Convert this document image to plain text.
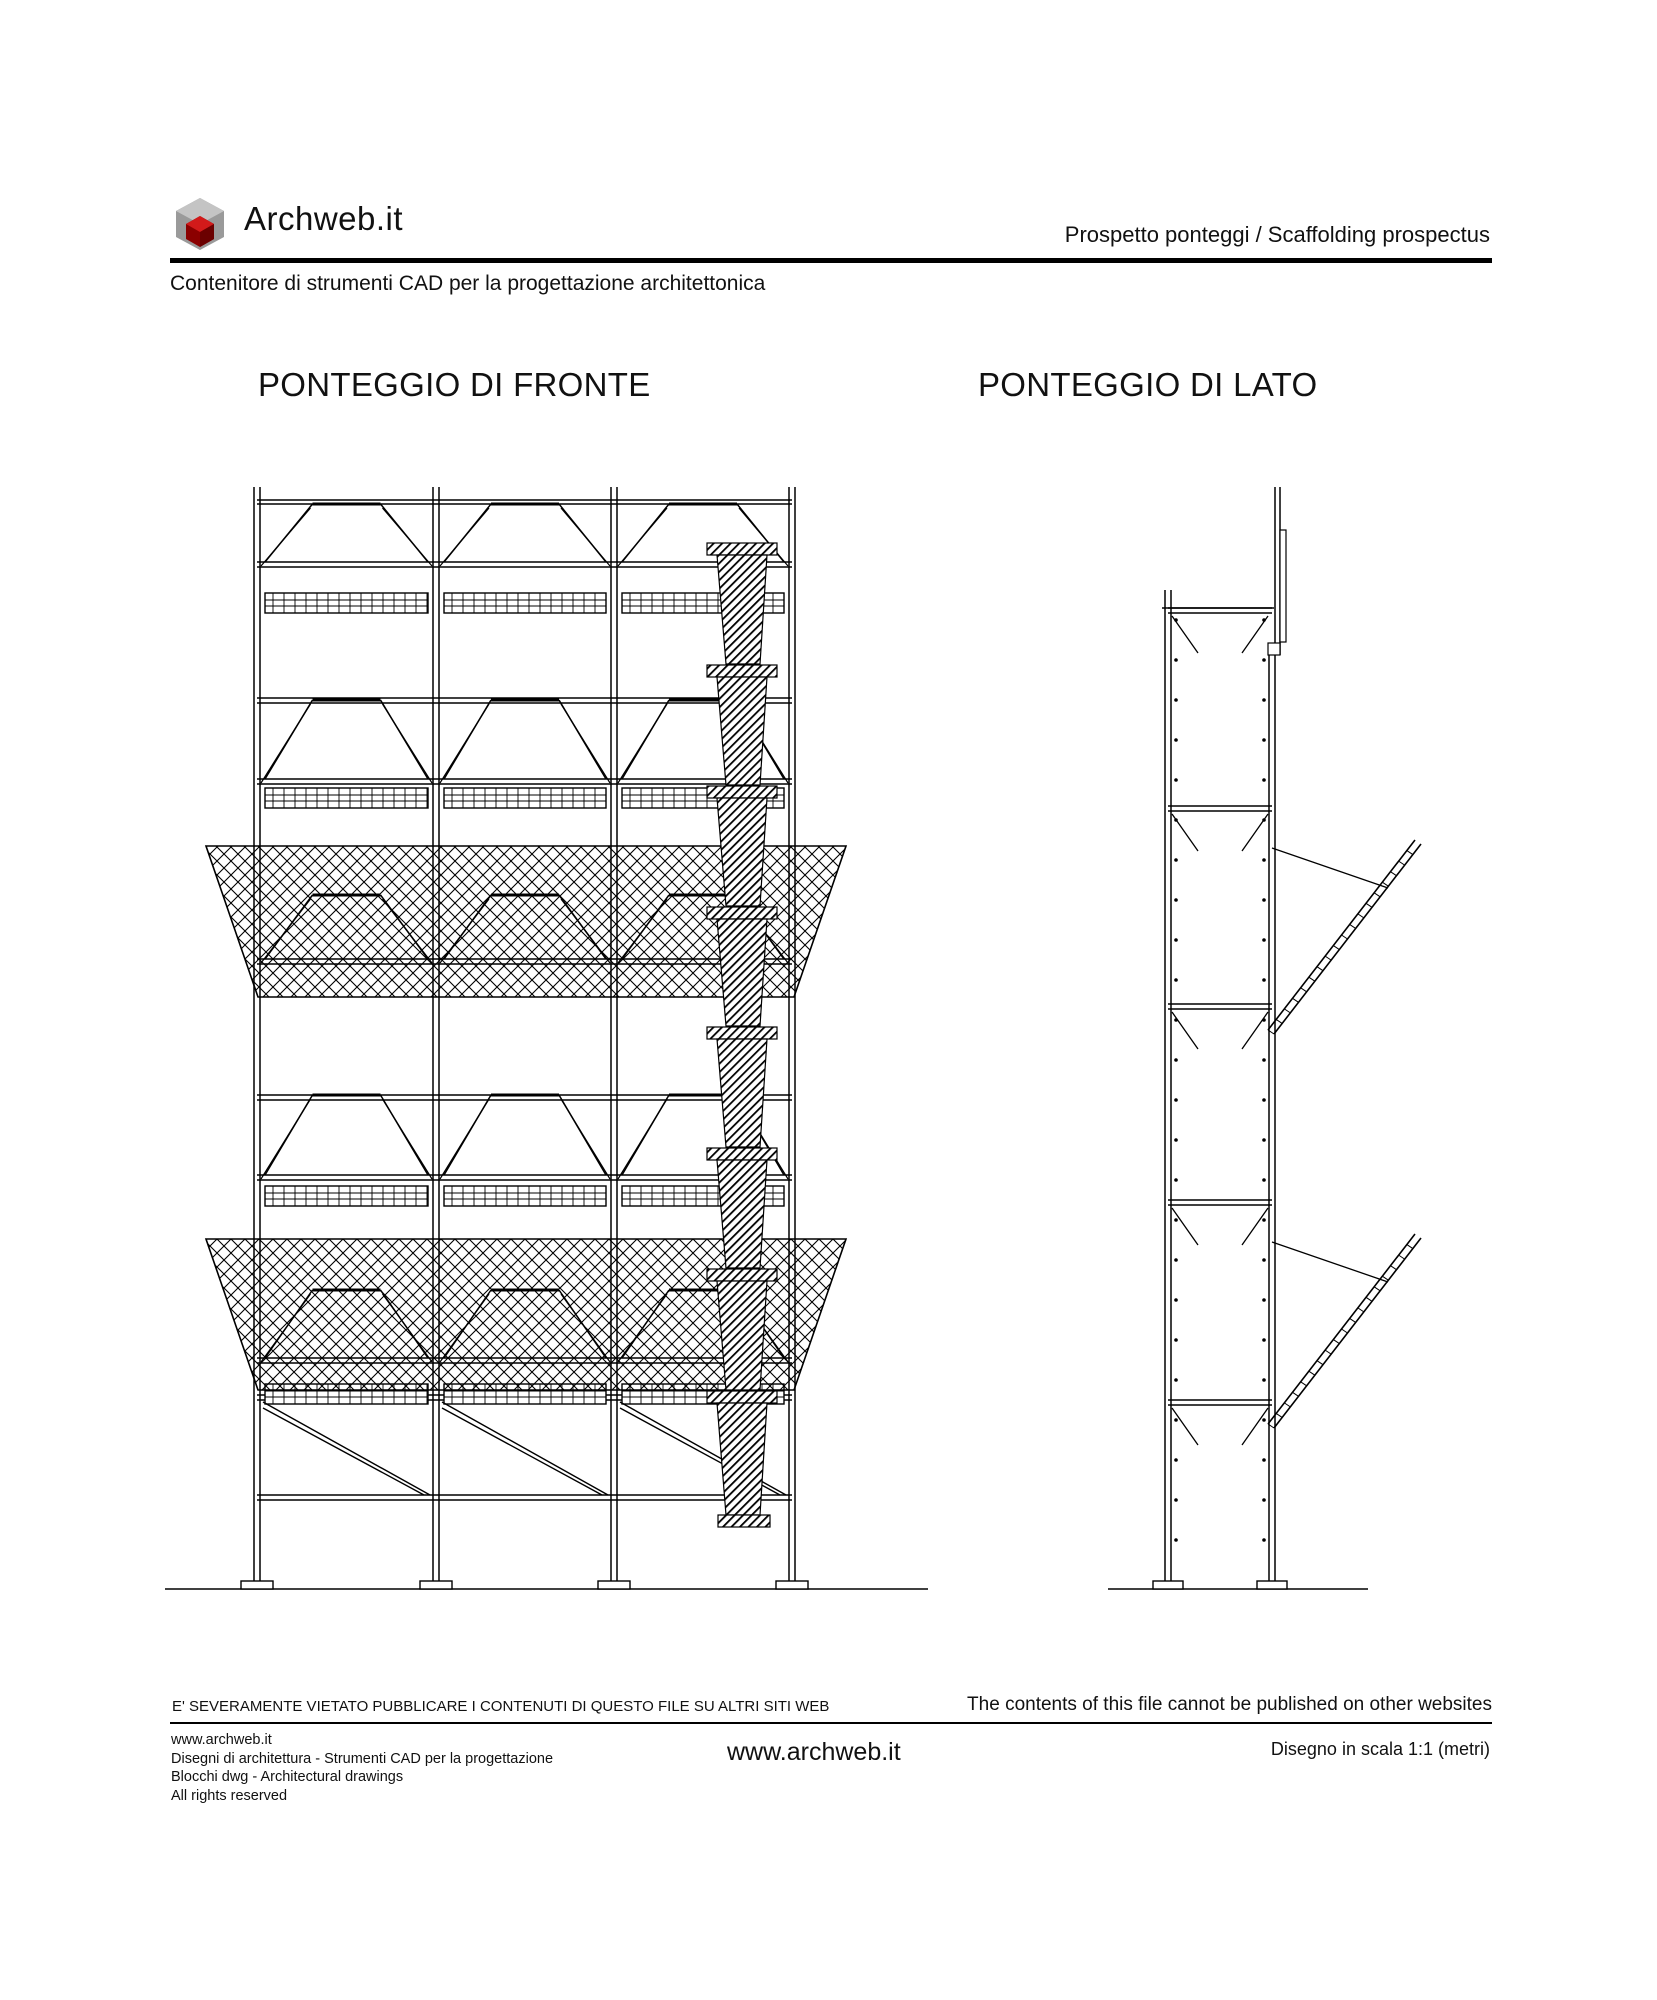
Archweb.it	Prospetto ponteggi / Scaffolding prospectus
Contenitore di strumenti CAD per la progettazione architettonica
PONTEGGIO DI FRONTE	PONTEGGIO DI LATO
E' SEVERAMENTE VIETATO PUBBLICARE I CONTENUTI DI QUESTO FILE SU ALTRI SITI WEB	The contents of this file cannot be published on other websites
www.archweb.it
Disegni di architettura - Strumenti CAD per la progettazione
Blocchi dwg - Architectural drawings
All rights reserved
www.archweb.it	Disegno in scala 1:1 (metri)
